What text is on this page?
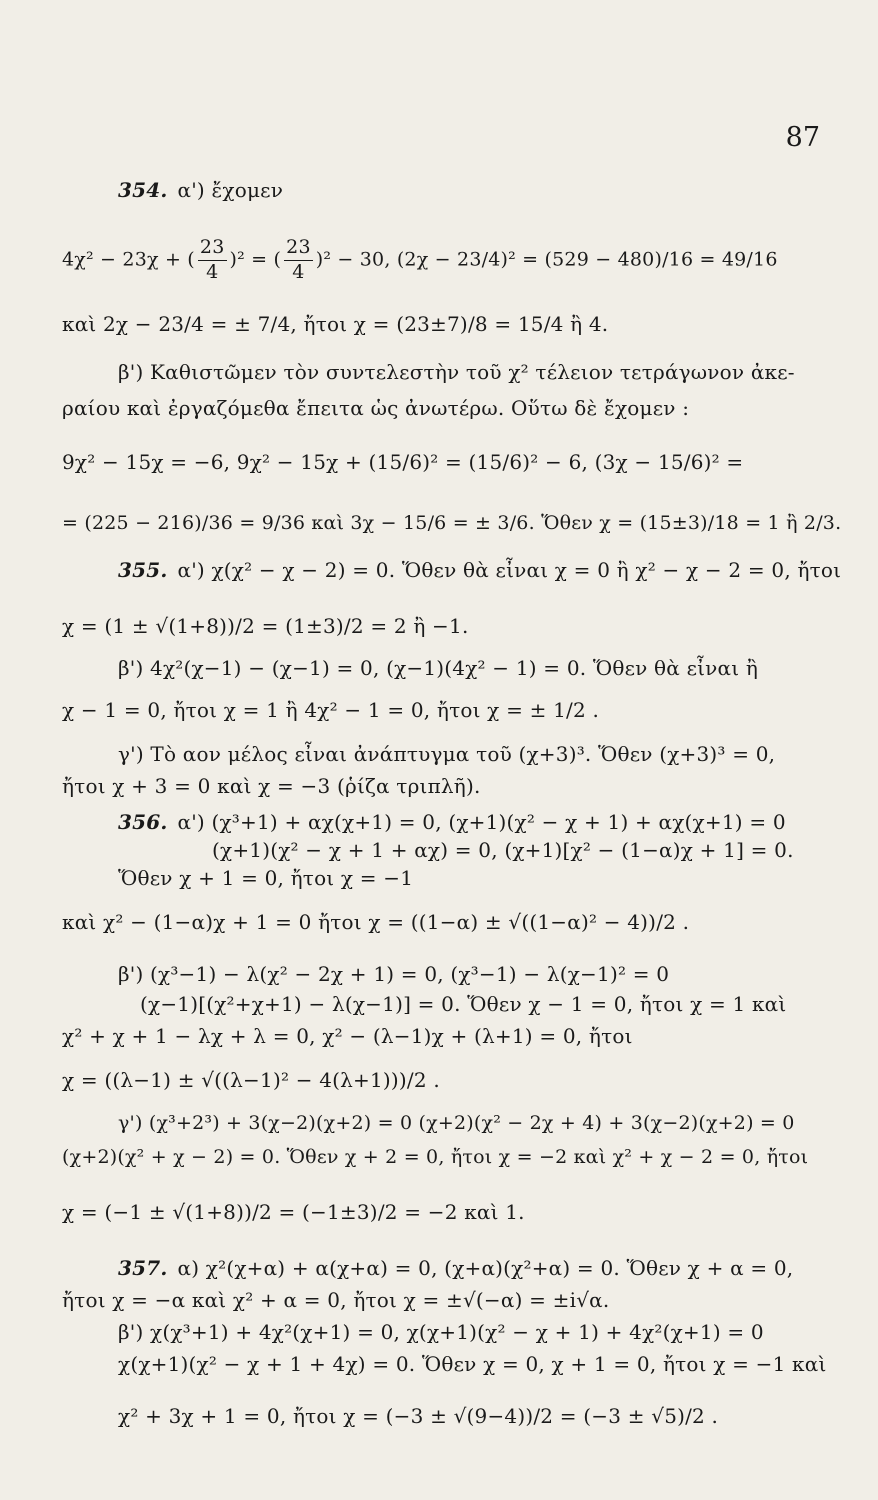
87
354. α') ἔχομεν
4χ² − 23χ + ( $\frac{23}{4} )^2$ = ( $\frac{23}{4} )^2 - 30$, (2χ − 23/4)² = (529 − 480)/16 = 49/16
καὶ 2χ − 23/4 = ± 7/4, ἤτοι χ = (23±7)/8 = 15/4 ἢ 4.
β') Καθιστῶμεν τὸν συντελεστὴν τοῦ χ² τέλειον τετράγωνον ἀκε-
ραίου καὶ ἐργαζόμεθα ἔπειτα ὡς ἀνωτέρω. Οὕτω δὲ ἔχομεν :
9χ² − 15χ = −6, 9χ² − 15χ + (15/6)² = (15/6)² − 6, (3χ − 15/6)² =
= (225 − 216)/36 = 9/36 καὶ 3χ − 15/6 = ± 3/6. Ὅθεν χ = (15±3)/18 = 1 ἢ 2/3.
355. α') χ(χ² − χ − 2) = 0. Ὅθεν θὰ εἶναι χ = 0 ἢ χ² − χ − 2 = 0, ἤτοι
χ = (1 ± √(1+8))/2 = (1±3)/2 = 2 ἢ −1.
β') 4χ²(χ−1) − (χ−1) = 0, (χ−1)(4χ² − 1) = 0. Ὅθεν θὰ εἶναι ἢ
χ − 1 = 0, ἤτοι χ = 1 ἢ 4χ² − 1 = 0, ἤτοι χ = ± 1/2 .
γ') Τὸ αον μέλος εἶναι ἀνάπτυγμα τοῦ (χ+3)³. Ὅθεν (χ+3)³ = 0,
ἤτοι χ + 3 = 0 καὶ χ = −3 (ῥίζα τριπλῆ).
356. α') (χ³+1) + αχ(χ+1) = 0, (χ+1)(χ² − χ + 1) + αχ(χ+1) = 0
(χ+1)(χ² − χ + 1 + αχ) = 0, (χ+1)[χ² − (1−α)χ + 1] = 0.
Ὅθεν χ + 1 = 0, ἤτοι χ = −1
καὶ χ² − (1−α)χ + 1 = 0 ἤτοι χ = ((1−α) ± √((1−α)² − 4))/2 .
β') (χ³−1) − λ(χ² − 2χ + 1) = 0, (χ³−1) − λ(χ−1)² = 0
(χ−1)[(χ²+χ+1) − λ(χ−1)] = 0. Ὅθεν χ − 1 = 0, ἤτοι χ = 1 καὶ
χ² + χ + 1 − λχ + λ = 0, χ² − (λ−1)χ + (λ+1) = 0, ἤτοι
χ = ((λ−1) ± √((λ−1)² − 4(λ+1)))/2 .
γ') (χ³+2³) + 3(χ−2)(χ+2) = 0 (χ+2)(χ² − 2χ + 4) + 3(χ−2)(χ+2) = 0
(χ+2)(χ² + χ − 2) = 0. Ὅθεν χ + 2 = 0, ἤτοι χ = −2 καὶ χ² + χ − 2 = 0, ἤτοι
χ = (−1 ± √(1+8))/2 = (−1±3)/2 = −2 καὶ 1.
357. α) χ²(χ+α) + α(χ+α) = 0, (χ+α)(χ²+α) = 0. Ὅθεν χ + α = 0,
ἤτοι χ = −α καὶ χ² + α = 0, ἤτοι χ = ±√(−α) = ±i√α.
β') χ(χ³+1) + 4χ²(χ+1) = 0, χ(χ+1)(χ² − χ + 1) + 4χ²(χ+1) = 0
χ(χ+1)(χ² − χ + 1 + 4χ) = 0. Ὅθεν χ = 0, χ + 1 = 0, ἤτοι χ = −1 καὶ
χ² + 3χ + 1 = 0, ἤτοι χ = (−3 ± √(9−4))/2 = (−3 ± √5)/2 .
